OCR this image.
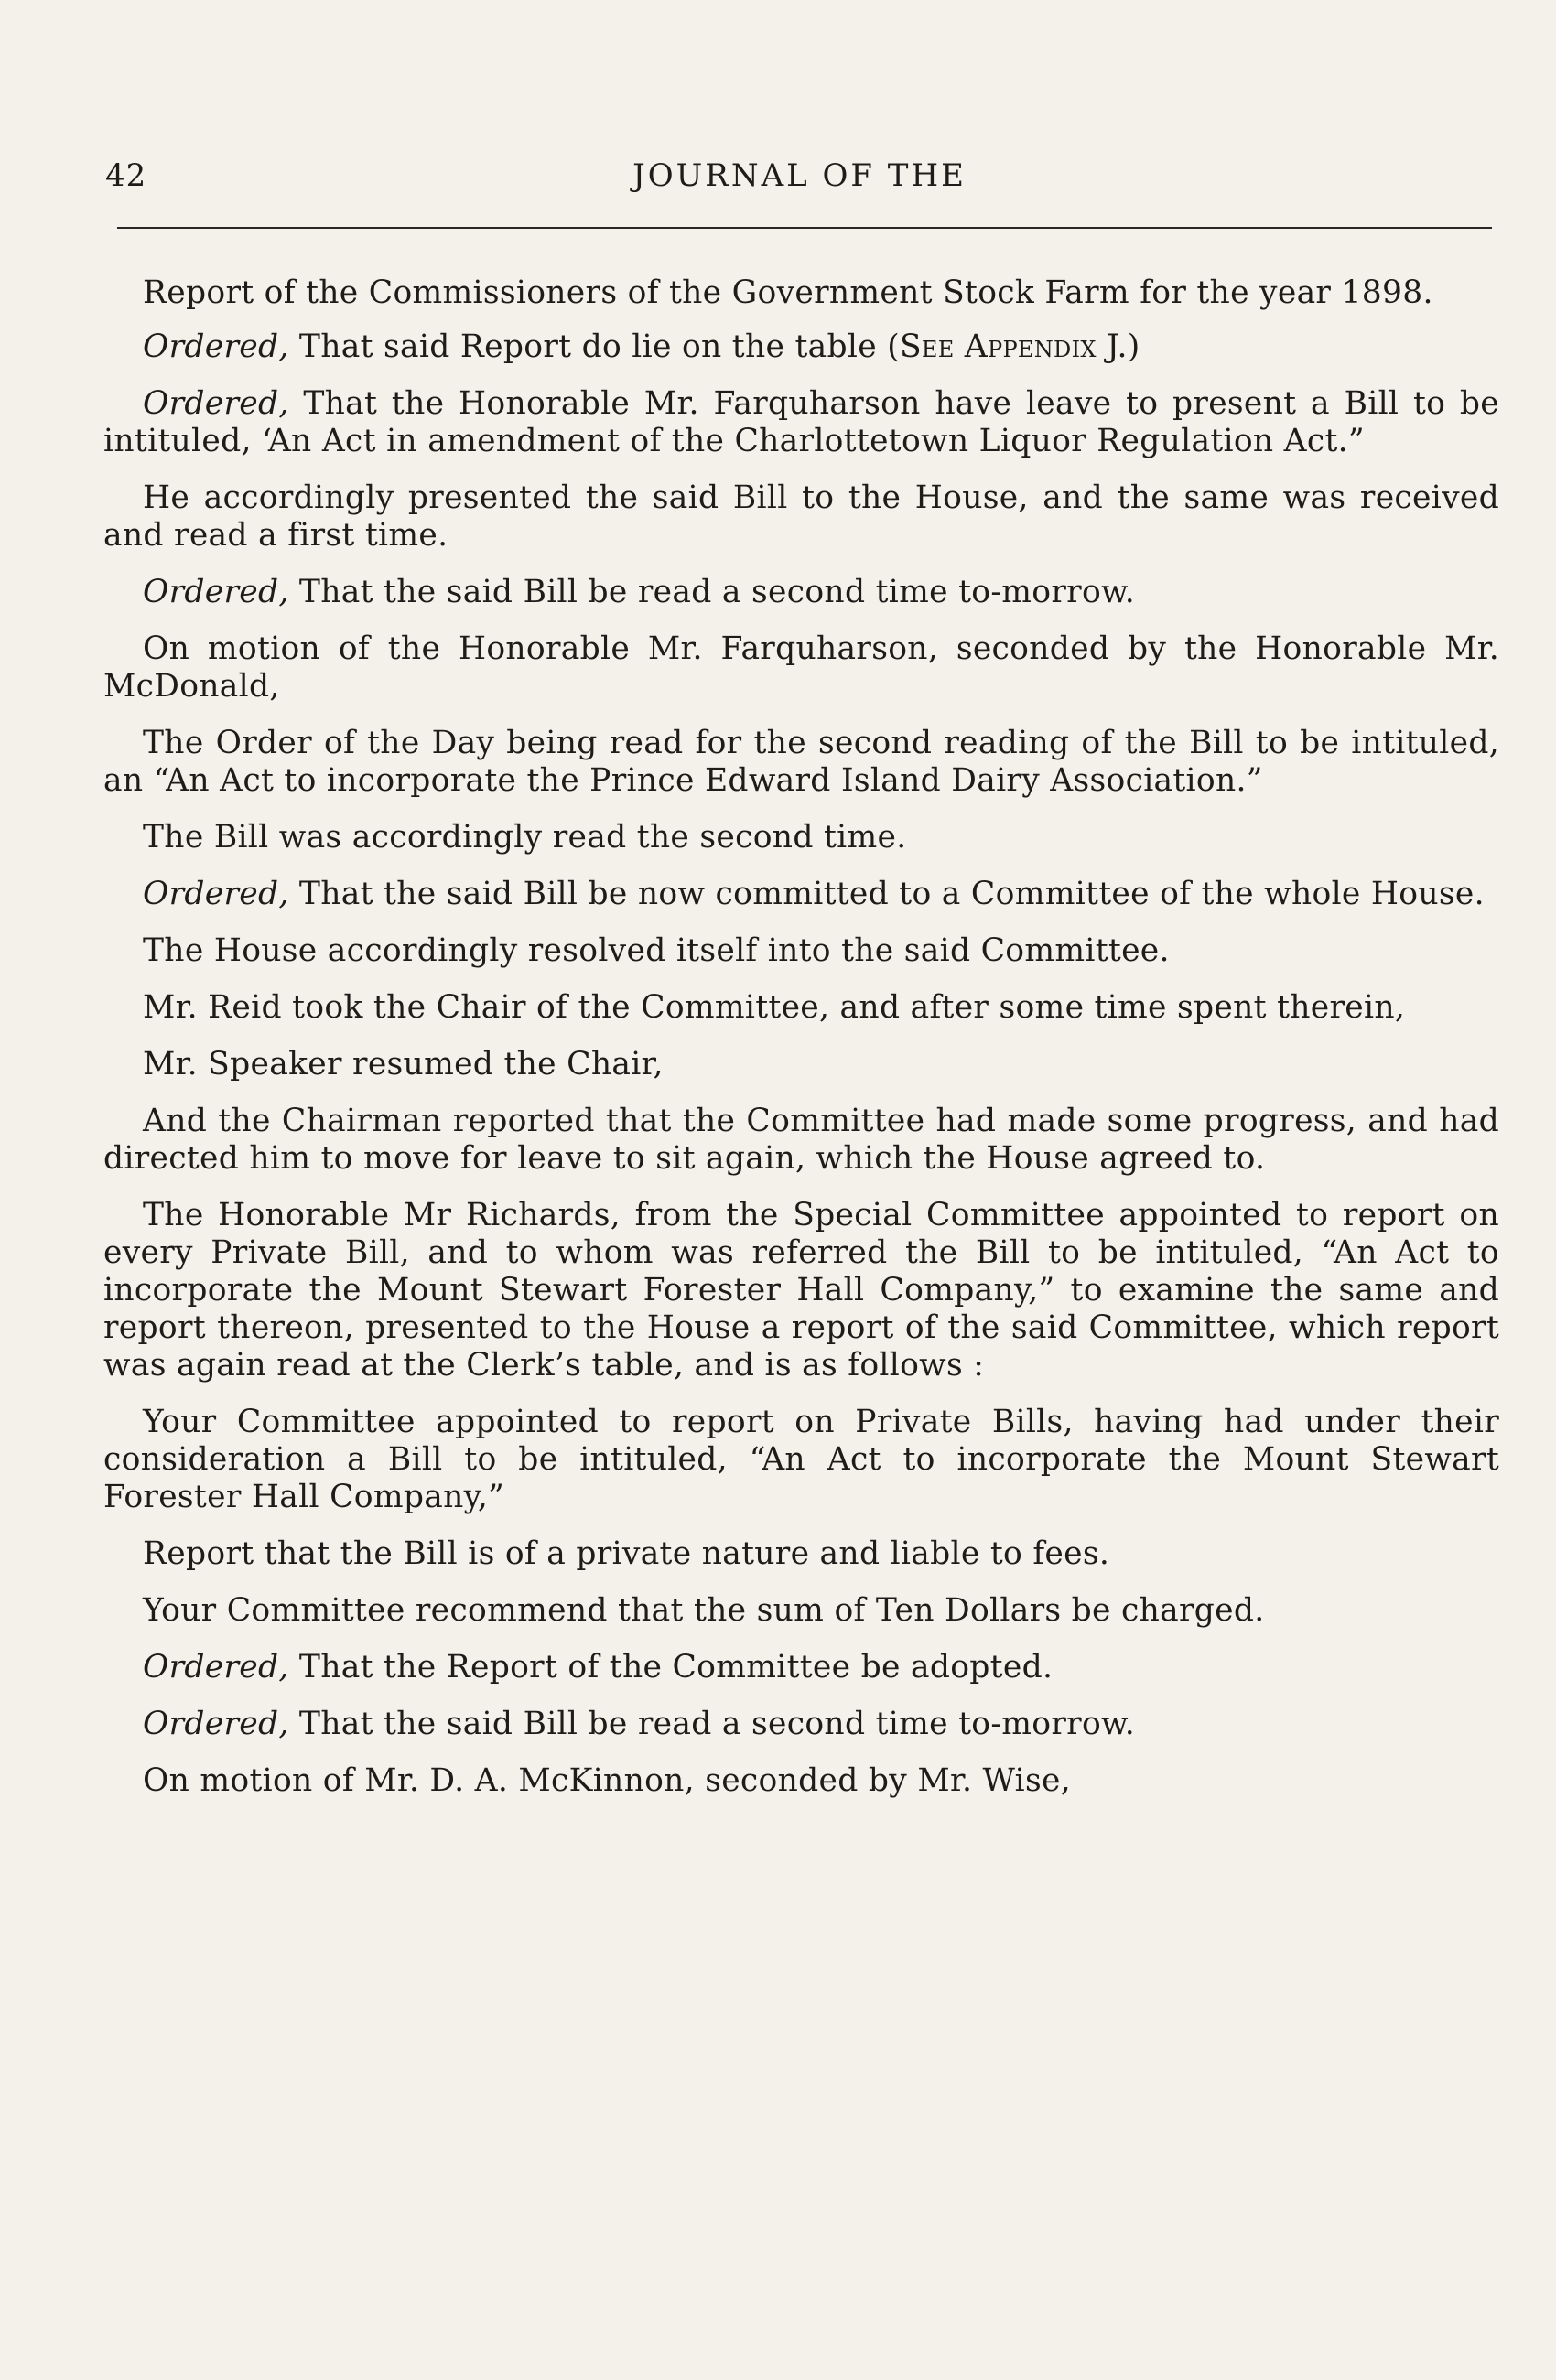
42	JOURNAL OF THE

Report of the Commissioners of the Government Stock Farm for the year 1898.

Ordered, That said Report do lie on the table (See Appendix J.)

Ordered, That the Honorable Mr. Farquharson have leave to present a Bill to be intituled, ‘An Act in amendment of the Charlottetown Liquor Regulation Act.”

He accordingly presented the said Bill to the House, and the same was received and read a first time.

Ordered, That the said Bill be read a second time to-morrow.

On motion of the Honorable Mr. Farquharson, seconded by the Honorable Mr. McDonald,

The Order of the Day being read for the second reading of the Bill to be intituled, an “An Act to incorporate the Prince Edward Island Dairy Association.”

The Bill was accordingly read the second time.

Ordered, That the said Bill be now committed to a Committee of the whole House.

The House accordingly resolved itself into the said Committee.

Mr. Reid took the Chair of the Committee, and after some time spent therein,

Mr. Speaker resumed the Chair,

And the Chairman reported that the Committee had made some progress, and had directed him to move for leave to sit again, which the House agreed to.

The Honorable Mr Richards, from the Special Committee appointed to report on every Private Bill, and to whom was referred the Bill to be intituled, “An Act to incorporate the Mount Stewart Forester Hall Company,” to examine the same and report thereon, presented to the House a report of the said Committee, which report was again read at the Clerk’s table, and is as follows :

Your Committee appointed to report on Private Bills, having had under their consideration a Bill to be intituled, “An Act to incorporate the Mount Stewart Forester Hall Company,”

Report that the Bill is of a private nature and liable to fees.

Your Committee recommend that the sum of Ten Dollars be charged.

Ordered, That the Report of the Committee be adopted.

Ordered, That the said Bill be read a second time to-morrow.

On motion of Mr. D. A. McKinnon, seconded by Mr. Wise,
